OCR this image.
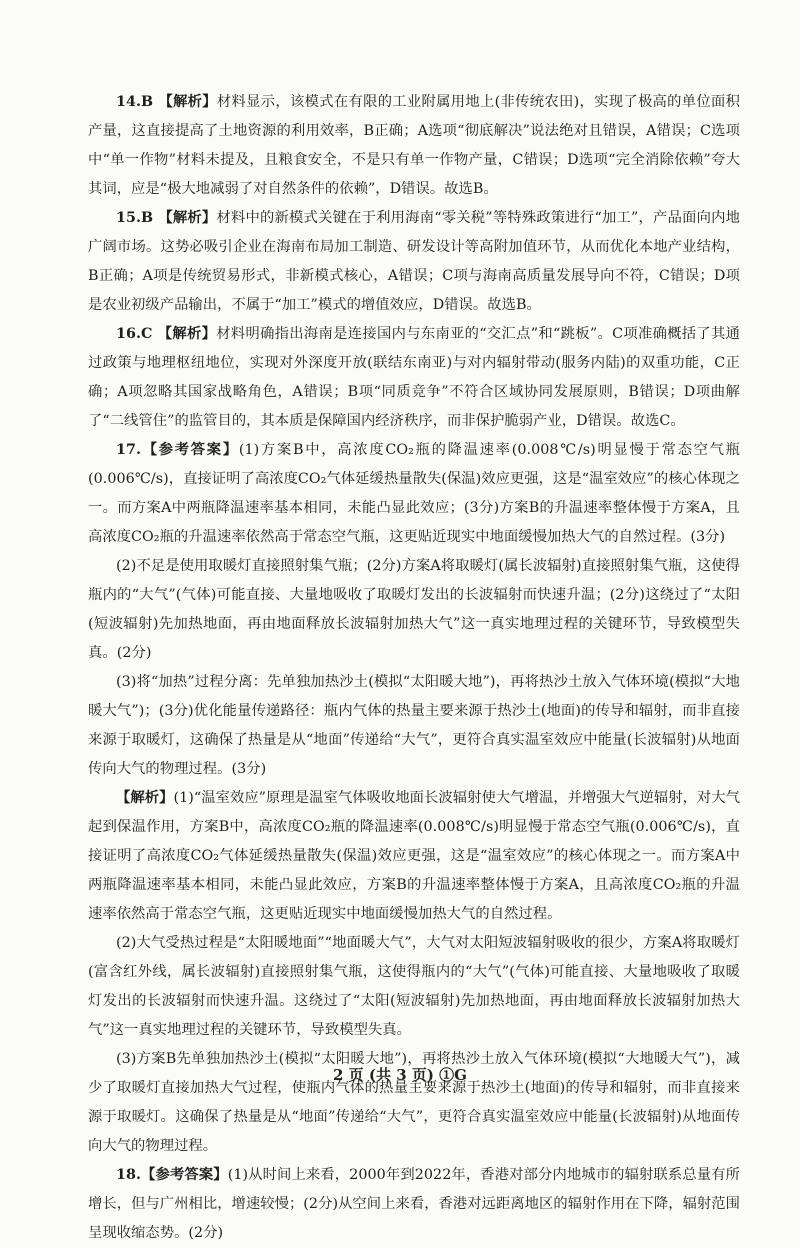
14.B 【解析】材料显示，该模式在有限的工业附属用地上(非传统农田)，实现了极高的单位面积产量，这直接提高了土地资源的利用效率，B正确；A选项“彻底解决”说法绝对且错误，A错误；C选项中“单一作物”材料未提及，且粮食安全，不是只有单一作物产量，C错误；D选项“完全消除依赖”夸大其词，应是“极大地减弱了对自然条件的依赖”，D错误。故选B。

15.B 【解析】材料中的新模式关键在于利用海南“零关税”等特殊政策进行“加工”，产品面向内地广阔市场。这势必吸引企业在海南布局加工制造、研发设计等高附加值环节，从而优化本地产业结构，B正确；A项是传统贸易形式，非新模式核心，A错误；C项与海南高质量发展导向不符，C错误；D项是农业初级产品输出，不属于“加工”模式的增值效应，D错误。故选B。

16.C 【解析】材料明确指出海南是连接国内与东南亚的“交汇点”和“跳板”。C项准确概括了其通过政策与地理枢纽地位，实现对外深度开放(联结东南亚)与对内辐射带动(服务内陆)的双重功能，C正确；A项忽略其国家战略角色，A错误；B项“同质竞争”不符合区域协同发展原则，B错误；D项曲解了“二线管住”的监管目的，其本质是保障国内经济秩序，而非保护脆弱产业，D错误。故选C。

17.【参考答案】(1)方案B中，高浓度CO₂瓶的降温速率(0.008℃/s)明显慢于常态空气瓶(0.006℃/s)，直接证明了高浓度CO₂气体延缓热量散失(保温)效应更强，这是“温室效应”的核心体现之一。而方案A中两瓶降温速率基本相同，未能凸显此效应；(3分)方案B的升温速率整体慢于方案A，且高浓度CO₂瓶的升温速率依然高于常态空气瓶，这更贴近现实中地面缓慢加热大气的自然过程。(3分)

(2)不足是使用取暖灯直接照射集气瓶；(2分)方案A将取暖灯(属长波辐射)直接照射集气瓶，这使得瓶内的“大气”(气体)可能直接、大量地吸收了取暖灯发出的长波辐射而快速升温；(2分)这绕过了“太阳(短波辐射)先加热地面，再由地面释放长波辐射加热大气”这一真实地理过程的关键环节，导致模型失真。(2分)

(3)将“加热”过程分离：先单独加热沙土(模拟“太阳暖大地”)，再将热沙土放入气体环境(模拟“大地暖大气”)；(3分)优化能量传递路径：瓶内气体的热量主要来源于热沙土(地面)的传导和辐射，而非直接来源于取暖灯，这确保了热量是从“地面”传递给“大气”，更符合真实温室效应中能量(长波辐射)从地面传向大气的物理过程。(3分)

【解析】(1)“温室效应”原理是温室气体吸收地面长波辐射使大气增温，并增强大气逆辐射，对大气起到保温作用，方案B中，高浓度CO₂瓶的降温速率(0.008℃/s)明显慢于常态空气瓶(0.006℃/s)，直接证明了高浓度CO₂气体延缓热量散失(保温)效应更强，这是“温室效应”的核心体现之一。而方案A中两瓶降温速率基本相同，未能凸显此效应，方案B的升温速率整体慢于方案A，且高浓度CO₂瓶的升温速率依然高于常态空气瓶，这更贴近现实中地面缓慢加热大气的自然过程。

(2)大气受热过程是“太阳暖地面”“地面暖大气”，大气对太阳短波辐射吸收的很少，方案A将取暖灯(富含红外线，属长波辐射)直接照射集气瓶，这使得瓶内的“大气”(气体)可能直接、大量地吸收了取暖灯发出的长波辐射而快速升温。这绕过了“太阳(短波辐射)先加热地面，再由地面释放长波辐射加热大气”这一真实地理过程的关键环节，导致模型失真。

(3)方案B先单独加热沙土(模拟“太阳暖大地”)，再将热沙土放入气体环境(模拟“大地暖大气”)，减少了取暖灯直接加热大气过程，使瓶内气体的热量主要来源于热沙土(地面)的传导和辐射，而非直接来源于取暖灯。这确保了热量是从“地面”传递给“大气”，更符合真实温室效应中能量(长波辐射)从地面传向大气的物理过程。

18.【参考答案】(1)从时间上来看，2000年到2022年，香港对部分内地城市的辐射联系总量有所增长，但与广州相比，增速较慢；(2分)从空间上来看，香港对远距离地区的辐射作用在下降，辐射范围呈现收缩态势。(2分)

2 页 (共 3 页) ①G
